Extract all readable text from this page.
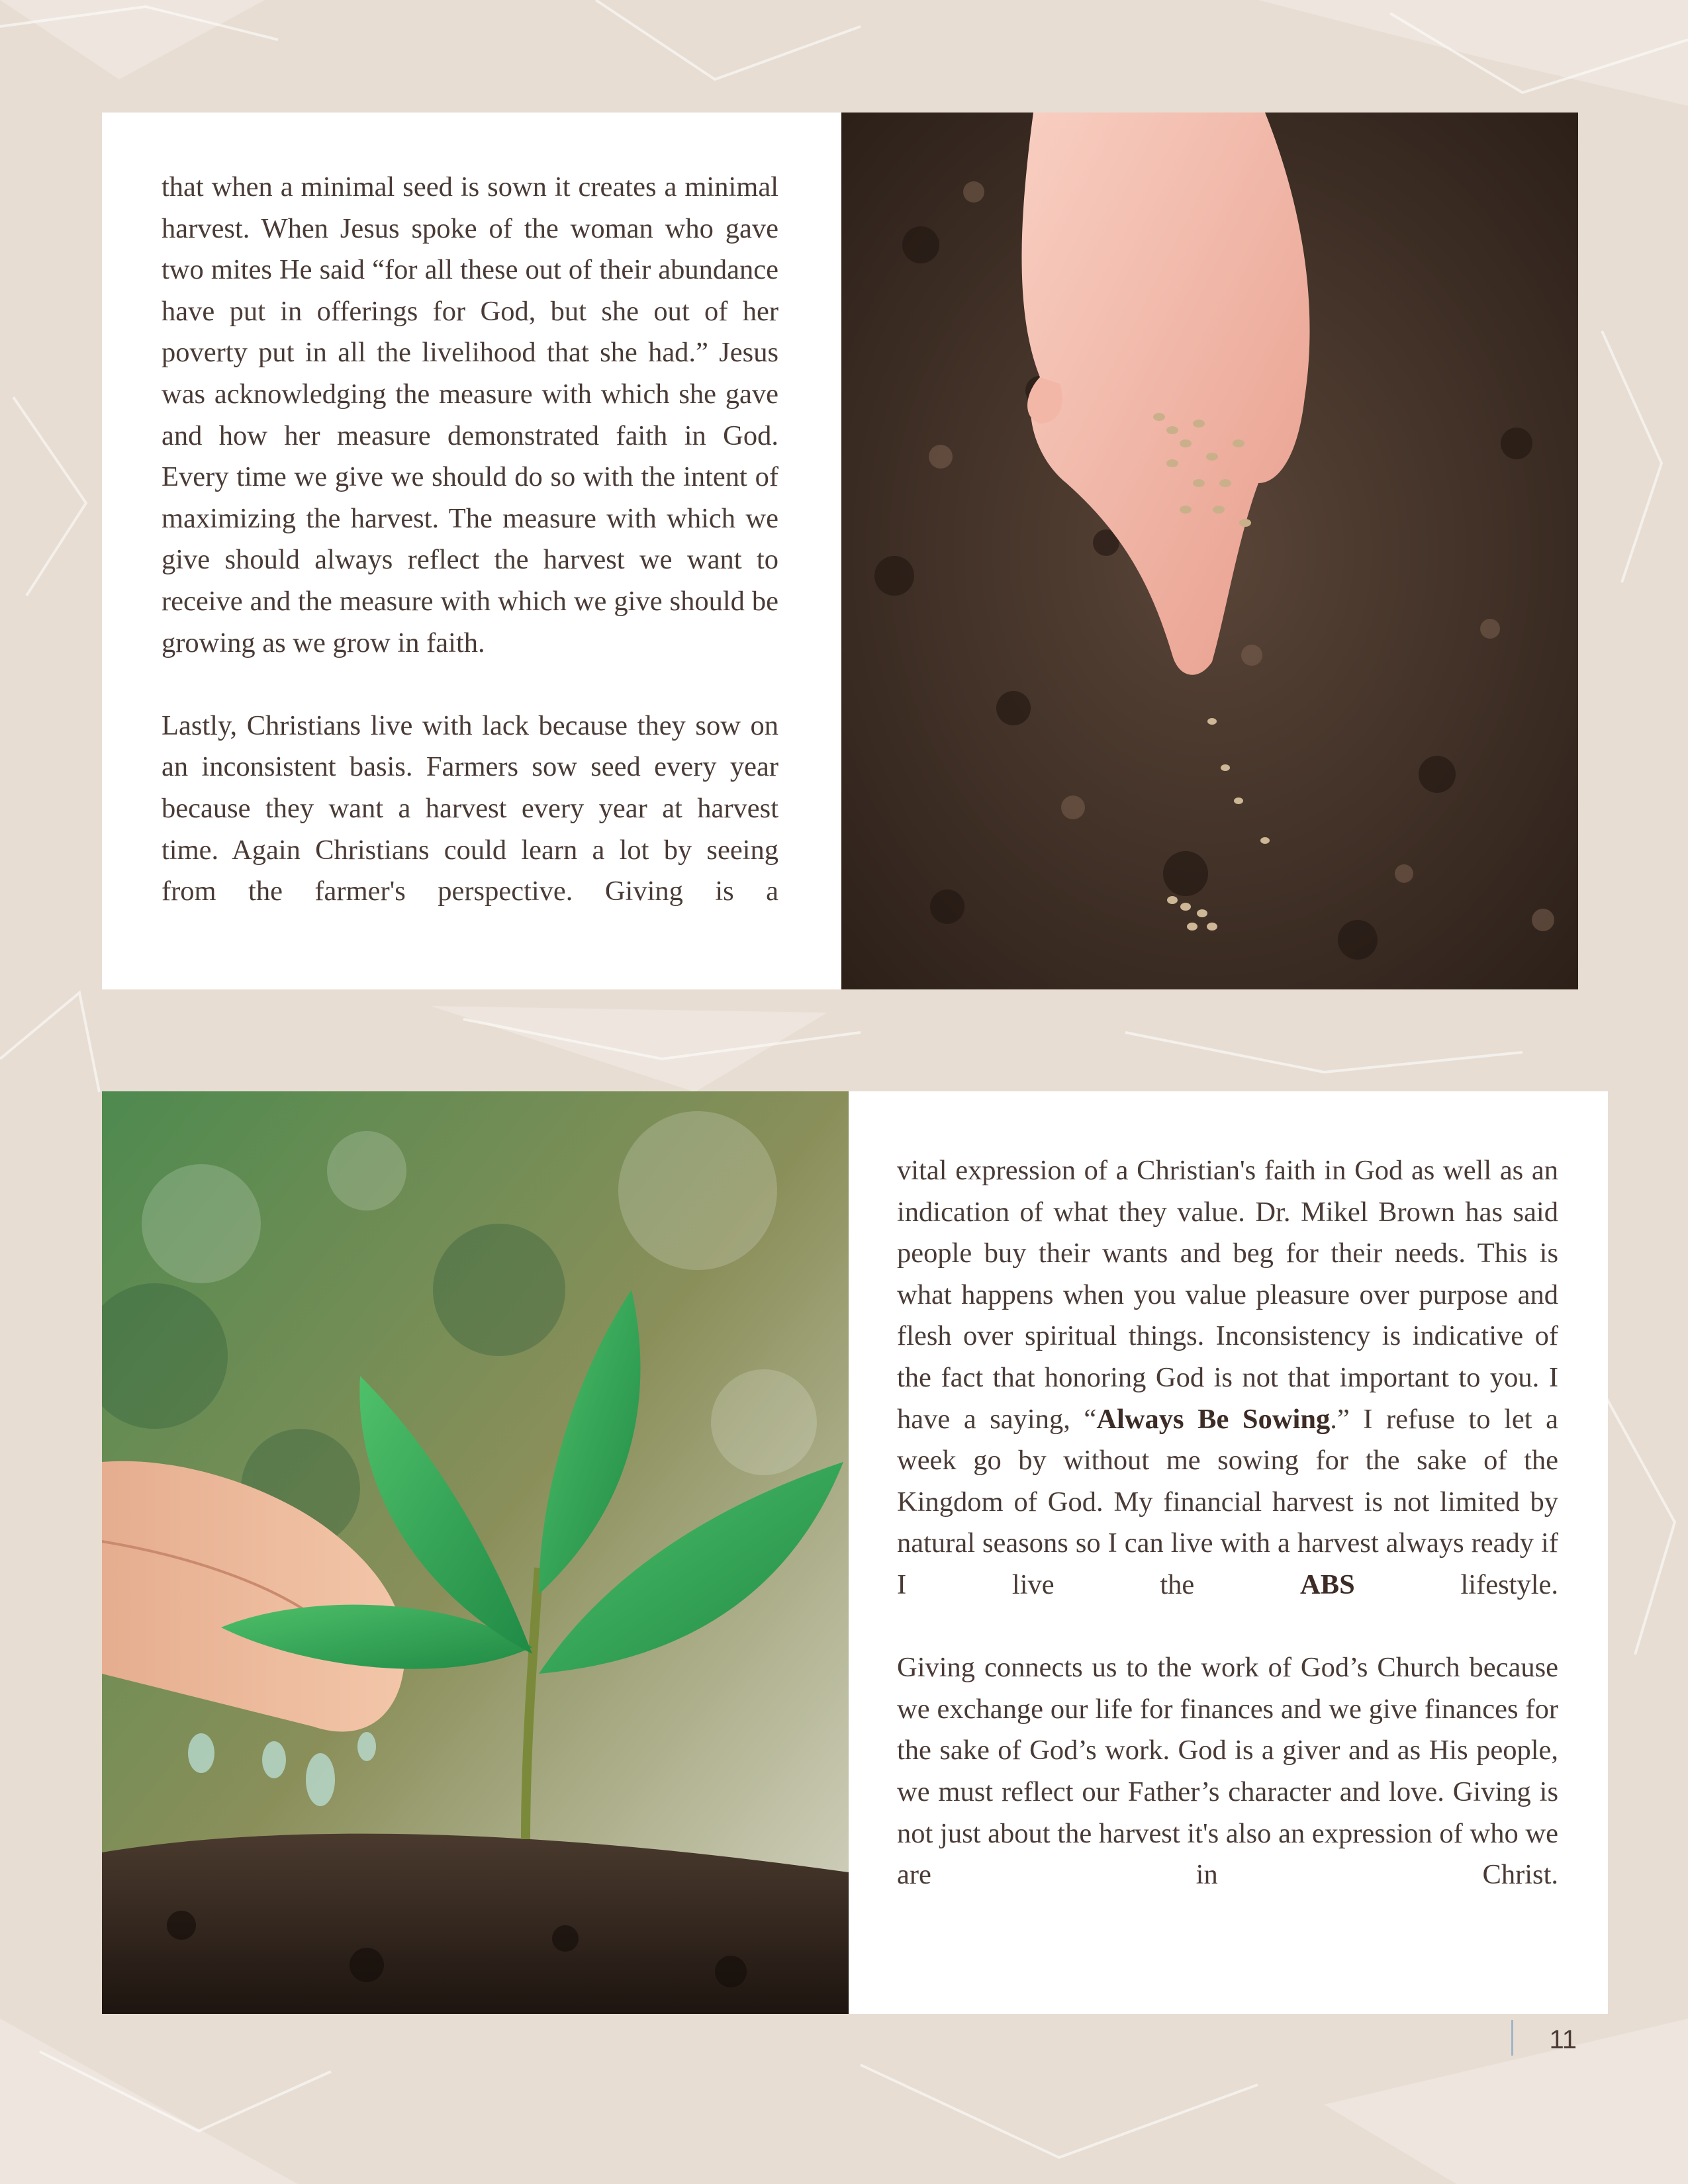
that when a minimal seed is sown it creates a minimal harvest. When Jesus spoke of the woman who gave two mites He said “for all these out of their abundance have put in offerings for God, but she out of her poverty put in all the livelihood that she had.” Jesus was acknowledging the measure with which she gave and how her measure demonstrated faith in God. Every time we give we should do so with the intent of maximizing the harvest. The measure with which we give should always reflect the harvest we want to receive and the measure with which we give should be growing as we grow in faith.

Lastly, Christians live with lack because they sow on an inconsistent basis. Farmers sow seed every year because they want a harvest every year at harvest time. Again Christians could learn a lot by seeing from the farmer's perspective. Giving is a

vital expression of a Christian's faith in God as well as an indication of what they value. Dr. Mikel Brown has said people buy their wants and beg for their needs. This is what happens when you value pleasure over purpose and flesh over spiritual things. Inconsistency is indicative of the fact that honoring God is not that important to you. I have a saying, “Always Be Sowing.” I refuse to let a week go by without me sowing for the sake of the Kingdom of God. My financial harvest is not limited by natural seasons so I can live with a harvest always ready if I live the ABS lifestyle.

Giving connects us to the work of God’s Church because we exchange our life for finances and we give finances for the sake of God’s work. God is a giver and as His people, we must reflect our Father’s character and love. Giving is not just about the harvest it's also an expression of who we are in Christ.

11
